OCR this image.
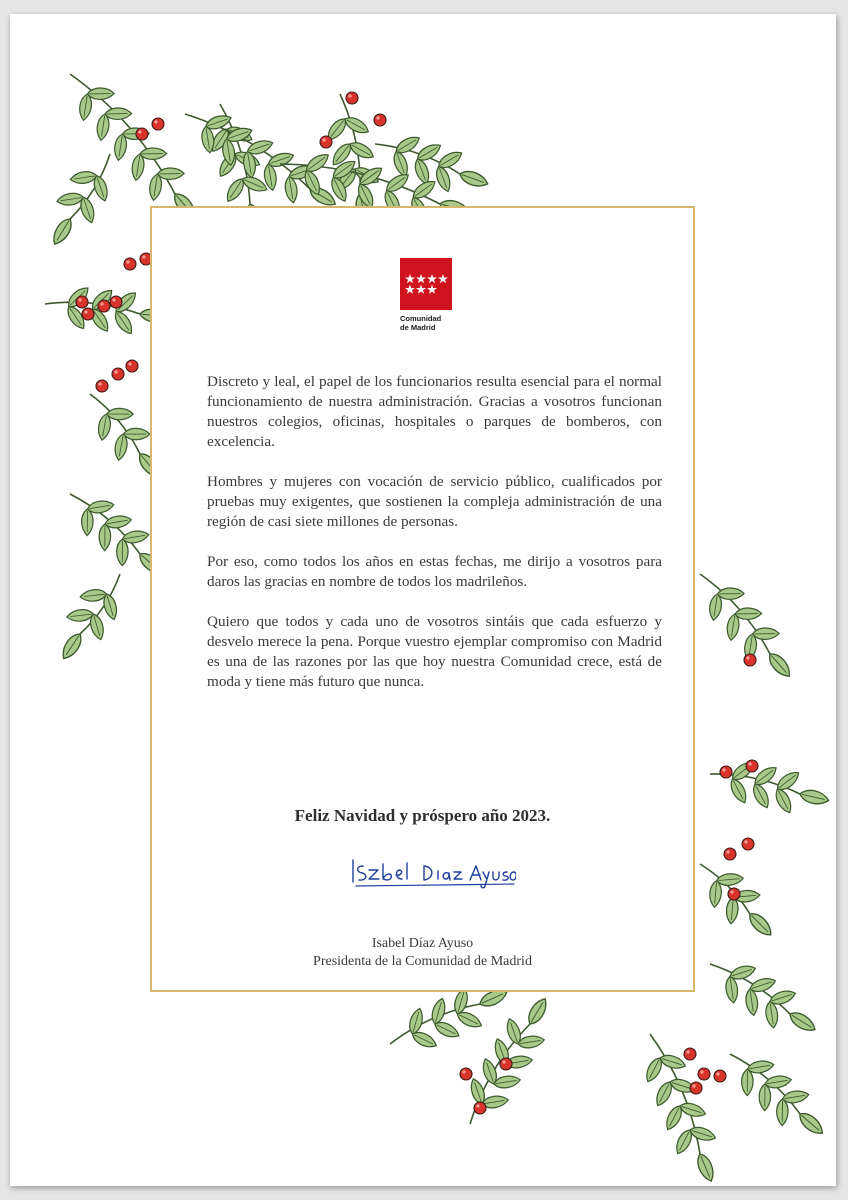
Comunidad
de Madrid

Discreto y leal, el papel de los funcionarios resulta esencial para el normal funcionamiento de nuestra administración. Gracias a vosotros funcionan nuestros colegios, oficinas, hospitales o parques de bomberos, con excelencia.

Hombres y mujeres con vocación de servicio público, cualificados por pruebas muy exigentes, que sostienen la compleja administración de una región de casi siete millones de personas.

Por eso, como todos los años en estas fechas, me dirijo a vosotros para daros las gracias en nombre de todos los madrileños.

Quiero que todos y cada uno de vosotros sintáis que cada esfuerzo y desvelo merece la pena. Porque vuestro ejemplar compromiso con Madrid es una de las razones por las que hoy nuestra Comunidad crece, está de moda y tiene más futuro que nunca.

Feliz Navidad y próspero año 2023.
Isabel Díaz Ayuso
Presidenta de la Comunidad de Madrid
